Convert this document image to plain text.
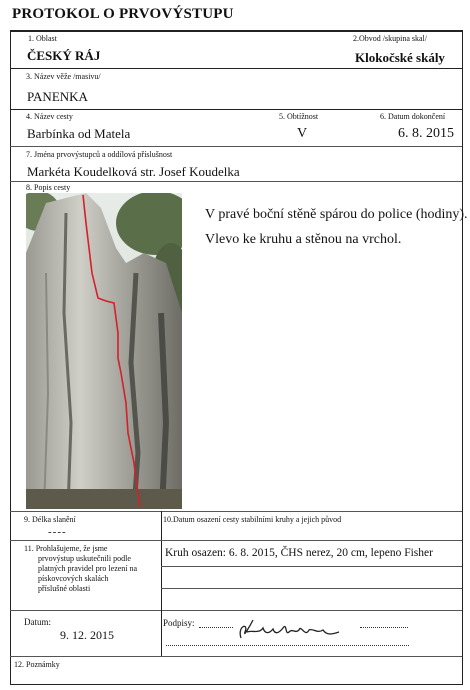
PROTOKOL O PRVOVÝSTUPU
1. Oblast
ČESKÝ RÁJ
2.Obvod /skupina skal/
Klokočské skály
3. Název věže /masivu/
PANENKA
4. Název cesty
Barbínka od Matela
5. Obtížnost
V
6. Datum dokončení
6. 8. 2015
7. Jména prvovýstupců a oddílová příslušnost
Markéta Koudelková str. Josef Koudelka
8. Popis cesty
V pravé boční stěně spárou do police (hodiny).
Vlevo ke kruhu a stěnou na vrchol.
9. Délka slanění
----
10.Datum osazení cesty stabilními kruhy a jejich původ
11. Prohlašujeme, že jsme
prvovýstup uskutečnili podle
platných pravidel pro lezení na
pískovcových skalách
příslušné oblasti
Kruh osazen: 6. 8. 2015, ČHS nerez, 20 cm, lepeno Fisher
Datum:
9. 12. 2015
Podpisy:
12. Poznámky
